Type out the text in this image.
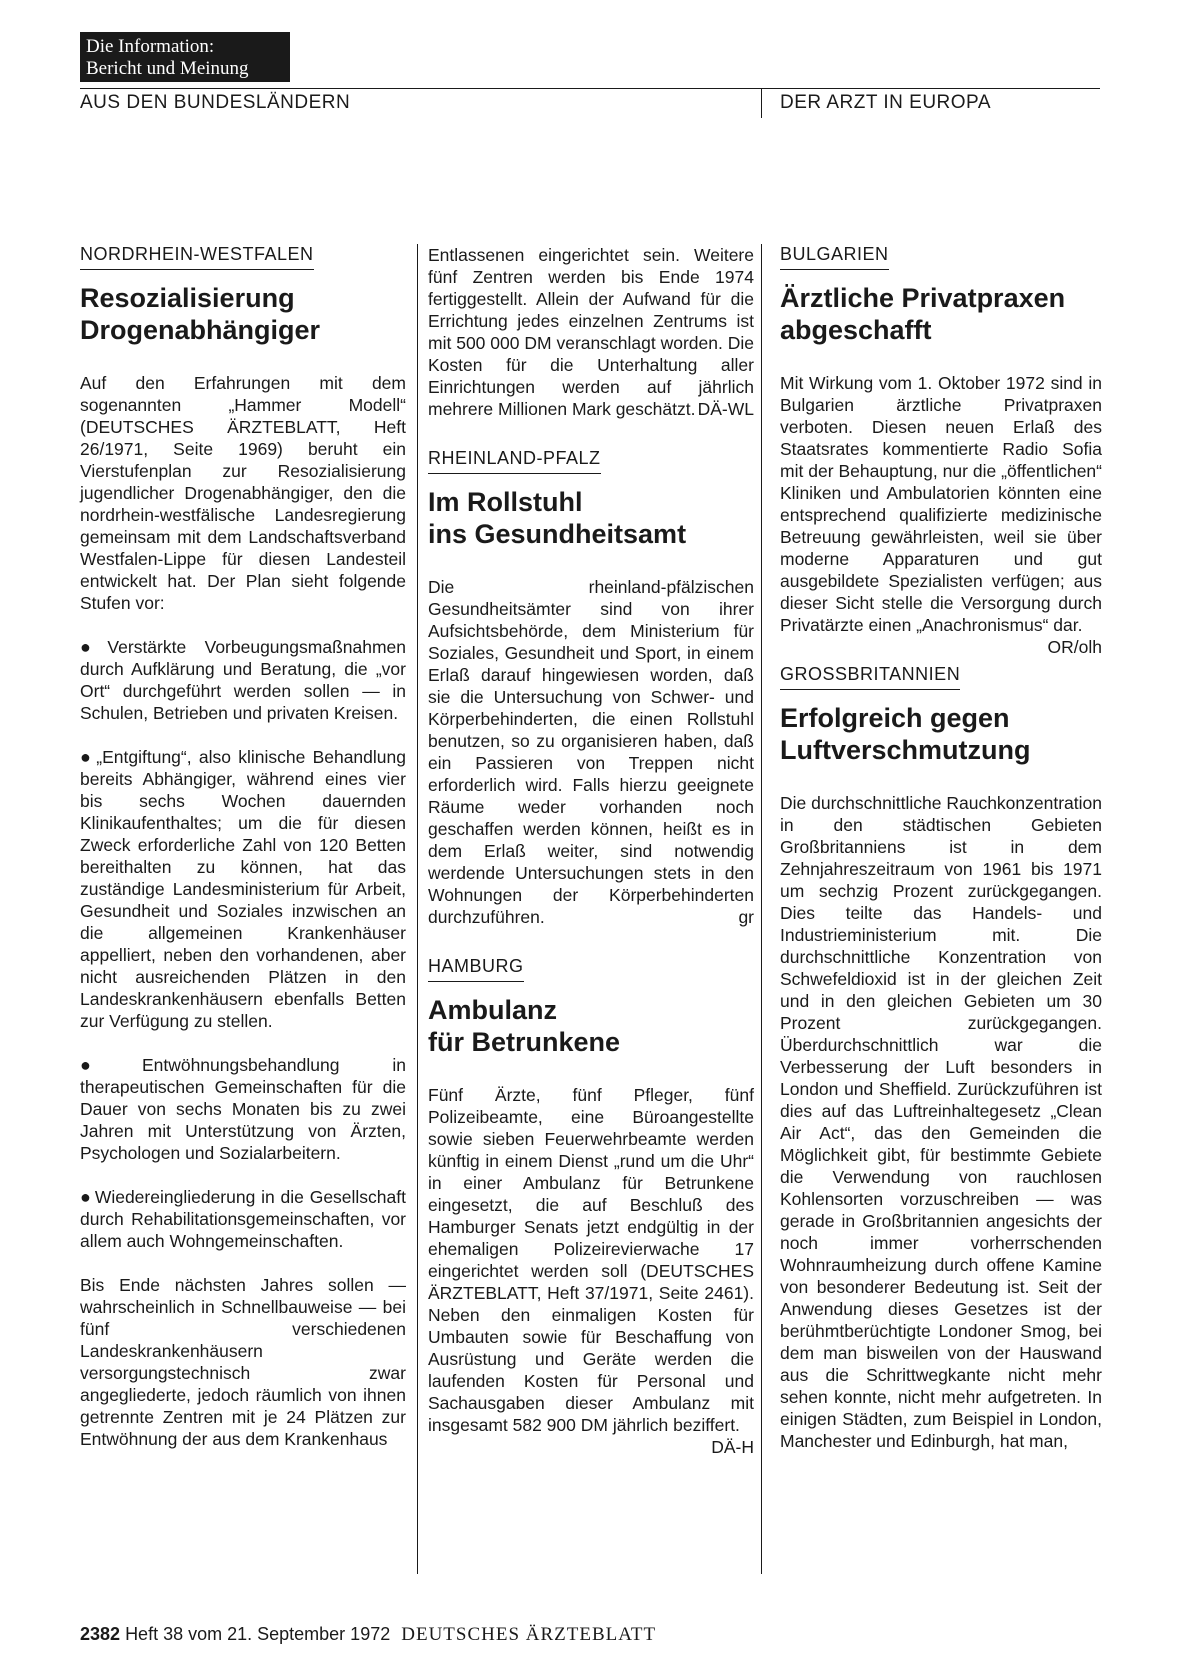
Die Information:
Bericht und Meinung
AUS DEN BUNDESLÄNDERN	DER ARZT IN EUROPA
NORDRHEIN-WESTFALEN
Resozialisierung
Drogenabhängiger

Auf den Erfahrungen mit dem sogenannten „Hammer Modell“ (DEUTSCHES ÄRZTEBLATT, Heft 26/1971, Seite 1969) beruht ein Vierstufenplan zur Resozialisierung jugendlicher Drogenabhängiger, den die nordrhein-westfälische Landesregierung gemeinsam mit dem Landschaftsverband Westfalen-Lippe für diesen Landesteil entwickelt hat. Der Plan sieht folgende Stufen vor:

● Verstärkte Vorbeugungsmaßnahmen durch Aufklärung und Beratung, die „vor Ort“ durchgeführt werden sollen — in Schulen, Betrieben und privaten Kreisen.

● „Entgiftung“, also klinische Behandlung bereits Abhängiger, während eines vier bis sechs Wochen dauernden Klinikaufenthaltes; um die für diesen Zweck erforderliche Zahl von 120 Betten bereithalten zu können, hat das zuständige Landesministerium für Arbeit, Gesundheit und Soziales inzwischen an die allgemeinen Krankenhäuser appelliert, neben den vorhandenen, aber nicht ausreichenden Plätzen in den Landeskrankenhäusern ebenfalls Betten zur Verfügung zu stellen.

● Entwöhnungsbehandlung in therapeutischen Gemeinschaften für die Dauer von sechs Monaten bis zu zwei Jahren mit Unterstützung von Ärzten, Psychologen und Sozialarbeitern.

● Wiedereingliederung in die Gesellschaft durch Rehabilitationsgemeinschaften, vor allem auch Wohngemeinschaften.

Bis Ende nächsten Jahres sollen — wahrscheinlich in Schnellbauweise — bei fünf verschiedenen Landeskrankenhäusern versorgungstechnisch zwar angegliederte, jedoch räumlich von ihnen getrennte Zentren mit je 24 Plätzen zur Entwöhnung der aus dem Krankenhaus

Entlassenen eingerichtet sein. Weitere fünf Zentren werden bis Ende 1974 fertiggestellt. Allein der Aufwand für die Errichtung jedes einzelnen Zentrums ist mit 500 000 DM veranschlagt worden. Die Kosten für die Unterhaltung aller Einrichtungen werden auf jährlich mehrere Millionen Mark geschätzt. DÄ-WL

RHEINLAND-PFALZ
Im Rollstuhl
ins Gesundheitsamt

Die rheinland-pfälzischen Gesundheitsämter sind von ihrer Aufsichtsbehörde, dem Ministerium für Soziales, Gesundheit und Sport, in einem Erlaß darauf hingewiesen worden, daß sie die Untersuchung von Schwer- und Körperbehinderten, die einen Rollstuhl benutzen, so zu organisieren haben, daß ein Passieren von Treppen nicht erforderlich wird. Falls hierzu geeignete Räume weder vorhanden noch geschaffen werden können, heißt es in dem Erlaß weiter, sind notwendig werdende Untersuchungen stets in den Wohnungen der Körperbehinderten durchzuführen.	gr

HAMBURG
Ambulanz
für Betrunkene

Fünf Ärzte, fünf Pfleger, fünf Polizeibeamte, eine Büroangestellte sowie sieben Feuerwehrbeamte werden künftig in einem Dienst „rund um die Uhr“ in einer Ambulanz für Betrunkene eingesetzt, die auf Beschluß des Hamburger Senats jetzt endgültig in der ehemaligen Polizeirevierwache 17 eingerichtet werden soll (DEUTSCHES ÄRZTEBLATT, Heft 37/1971, Seite 2461). Neben den einmaligen Kosten für Umbauten sowie für Beschaffung von Ausrüstung und Geräte werden die laufenden Kosten für Personal und Sachausgaben dieser Ambulanz mit insgesamt 582 900 DM jährlich beziffert.
DÄ-H

BULGARIEN
Ärztliche Privatpraxen
abgeschafft

Mit Wirkung vom 1. Oktober 1972 sind in Bulgarien ärztliche Privatpraxen verboten. Diesen neuen Erlaß des Staatsrates kommentierte Radio Sofia mit der Behauptung, nur die „öffentlichen“ Kliniken und Ambulatorien könnten eine entsprechend qualifizierte medizinische Betreuung gewährleisten, weil sie über moderne Apparaturen und gut ausgebildete Spezialisten verfügen; aus dieser Sicht stelle die Versorgung durch Privatärzte einen „Anachronismus“ dar.
OR/olh

GROSSBRITANNIEN
Erfolgreich gegen
Luftverschmutzung

Die durchschnittliche Rauchkonzentration in den städtischen Gebieten Großbritanniens ist in dem Zehnjahreszeitraum von 1961 bis 1971 um sechzig Prozent zurückgegangen. Dies teilte das Handels- und Industrieministerium mit. Die durchschnittliche Konzentration von Schwefeldioxid ist in der gleichen Zeit und in den gleichen Gebieten um 30 Prozent zurückgegangen. Überdurchschnittlich war die Verbesserung der Luft besonders in London und Sheffield. Zurückzuführen ist dies auf das Luftreinhaltegesetz „Clean Air Act“, das den Gemeinden die Möglichkeit gibt, für bestimmte Gebiete die Verwendung von rauchlosen Kohlensorten vorzuschreiben — was gerade in Großbritannien angesichts der noch immer vorherrschenden Wohnraumheizung durch offene Kamine von besonderer Bedeutung ist. Seit der Anwendung dieses Gesetzes ist der berühmtberüchtigte Londoner Smog, bei dem man bisweilen von der Hauswand aus die Schrittwegkante nicht mehr sehen konnte, nicht mehr aufgetreten. In einigen Städten, zum Beispiel in London, Manchester und Edinburgh, hat man,

2382 Heft 38 vom 21. September 1972 DEUTSCHES ÄRZTEBLATT
